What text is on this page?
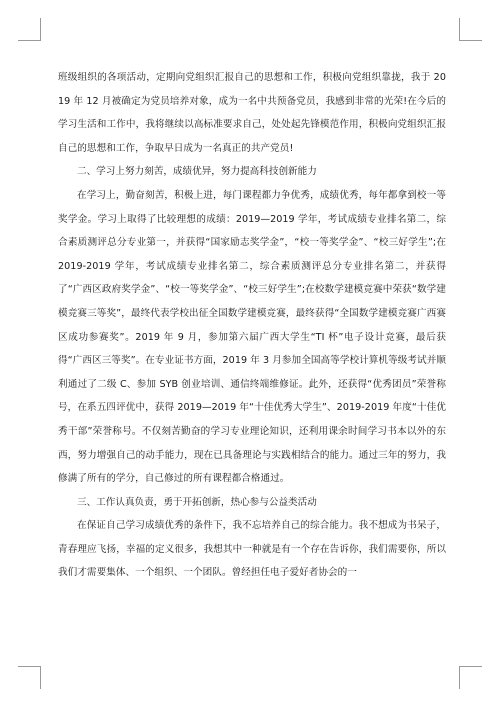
班级组织的各项活动，定期向党组织汇报自己的思想和工作，积极向党组织靠拢，我于 2019 年 12 月被确定为党员培养对象，成为一名中共预备党员，我感到非常的光荣!在今后的学习生活和工作中，我将继续以高标准要求自己，处处起先锋模范作用，积极向党组织汇报自己的思想和工作，争取早日成为一名真正的共产党员!

二、学习上努力刻苦，成绩优异，努力提高科技创新能力

在学习上，勤奋刻苦，积极上进，每门课程都力争优秀，成绩优秀，每年都拿到校一等奖学金。学习上取得了比较理想的成绩：2019—2019 学年，考试成绩专业排名第二，综合素质测评总分专业第一，并获得“国家励志奖学金”，“校一等奖学金”、“校三好学生”;在 2019-2019 学年，考试成绩专业排名第二，综合素质测评总分专业排名第二，并获得了“广西区政府奖学金”、“校一等奖学金”、“校三好学生”;在校数学建模竞赛中荣获“数学建模竞赛三等奖”，最终代表学校出征全国数学建模竞赛，最终获得“全国数学建模竞赛广西赛区成功参赛奖”。2019 年 9 月，参加第六届广西大学生“TI 杯”电子设计竞赛，最后获得“广西区三等奖”。在专业证书方面，2019 年 3 月参加全国高等学校计算机等级考试并顺利通过了二级 C、参加 SYB 创业培训、通信终端维修证。此外，还获得“优秀团员”荣誉称号，在系五四评优中，获得 2019—2019 年“十佳优秀大学生”、2019-2019 年度“十佳优秀干部”荣誉称号。不仅刻苦勤奋的学习专业理论知识，还利用课余时间学习书本以外的东西，努力增强自己的动手能力，现在已具备理论与实践相结合的能力。通过三年的努力，我修满了所有的学分，自己修过的所有课程都合格通过。

三、工作认真负责，勇于开拓创新，热心参与公益类活动

在保证自己学习成绩优秀的条件下，我不忘培养自己的综合能力。我不想成为书呆子，青春理应飞扬，幸福的定义很多，我想其中一种就是有一个存在告诉你，我们需要你，所以我们才需要集体、一个组织、一个团队。曾经担任电子爱好者协会的一
